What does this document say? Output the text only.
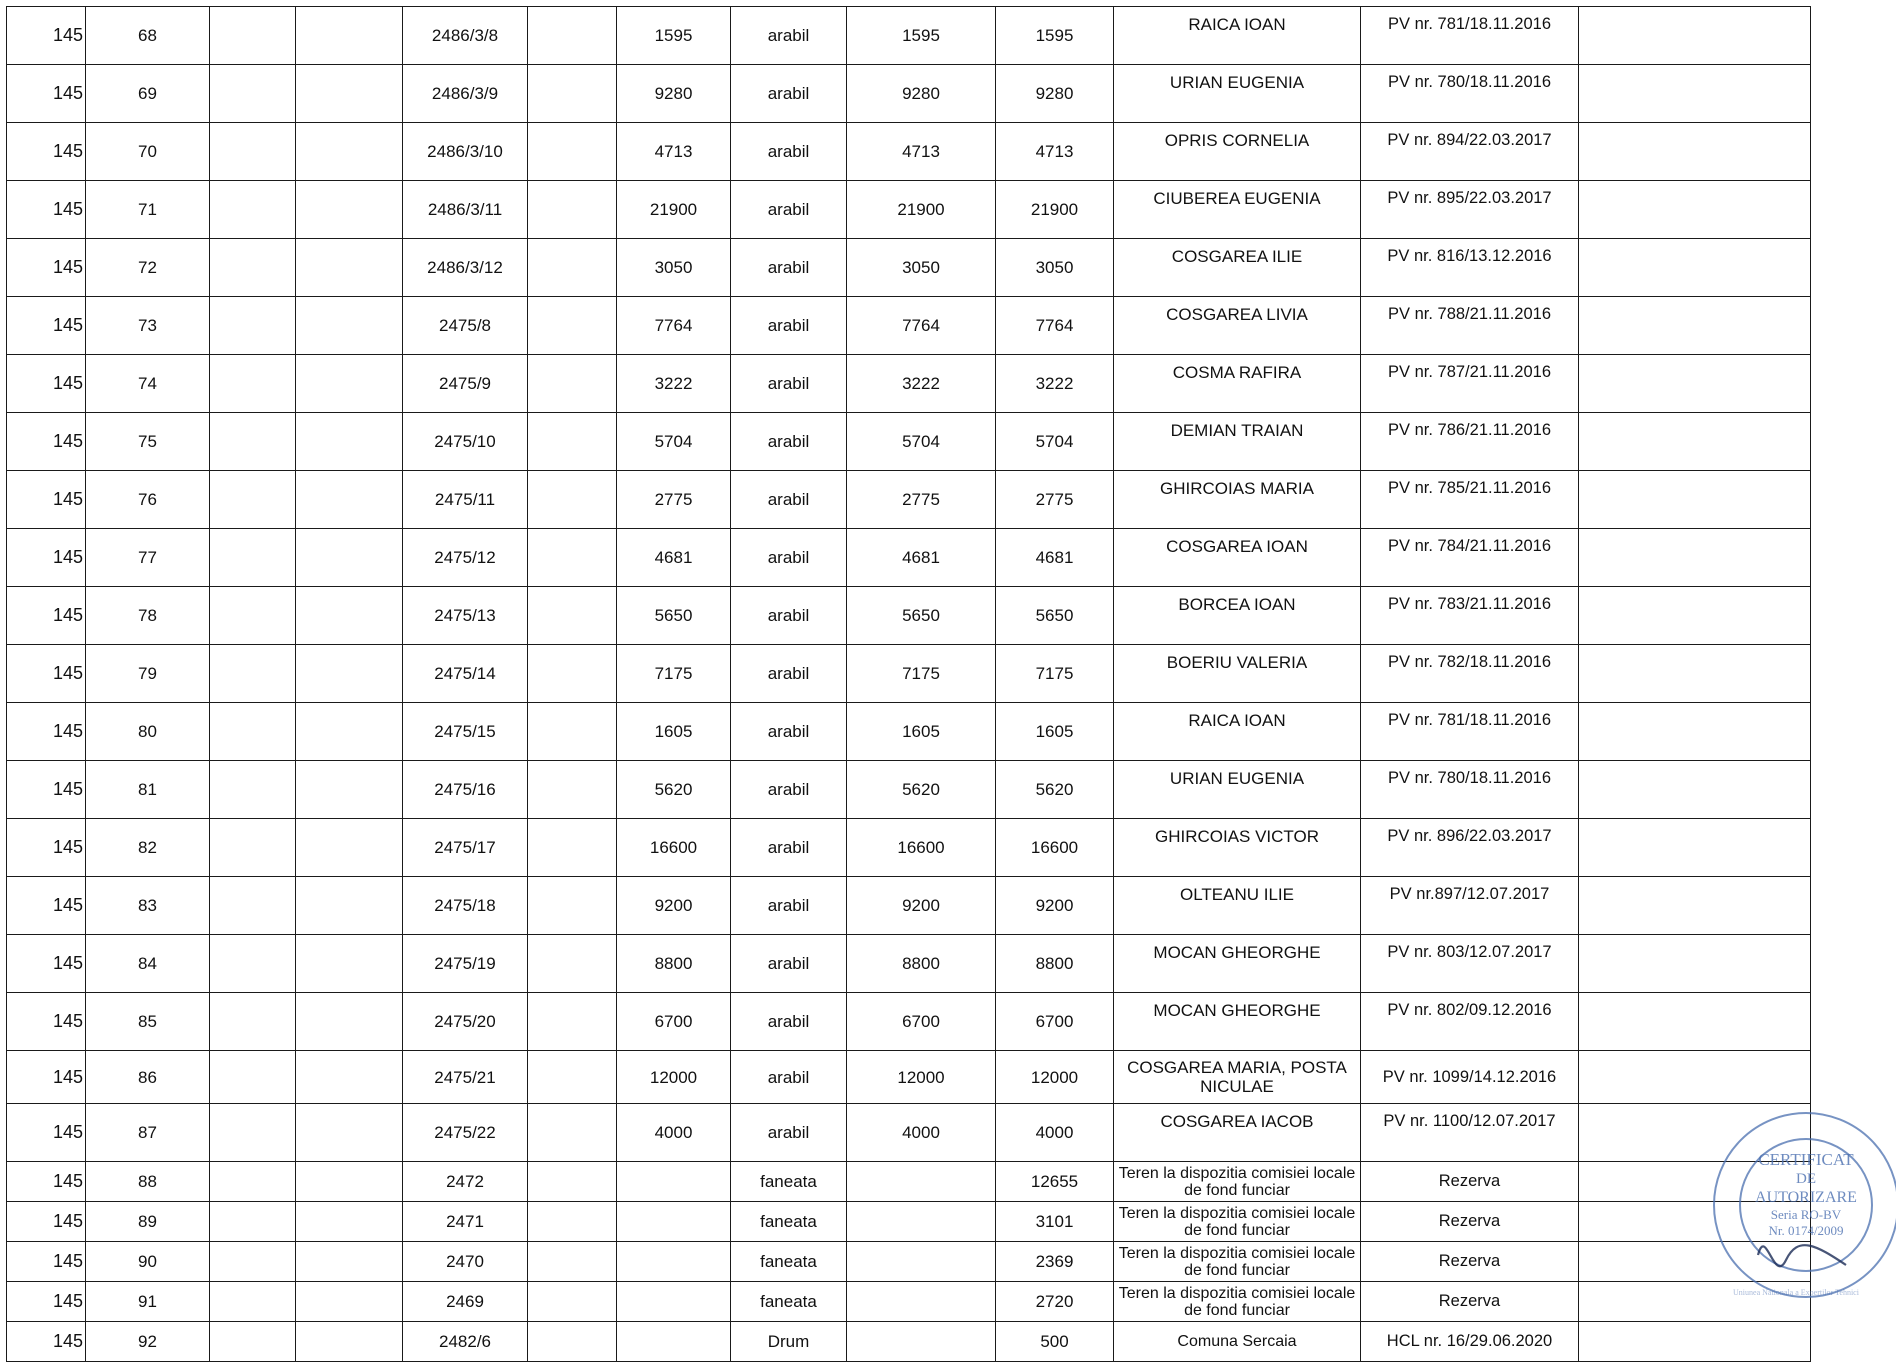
145	68			2486/3/8		1595	arabil	1595	1595	RAICA IOAN	PV nr. 781/18.11.2016	
145	69			2486/3/9		9280	arabil	9280	9280	URIAN EUGENIA	PV nr. 780/18.11.2016	
145	70			2486/3/10		4713	arabil	4713	4713	OPRIS CORNELIA	PV nr. 894/22.03.2017	
145	71			2486/3/11		21900	arabil	21900	21900	CIUBEREA EUGENIA	PV nr. 895/22.03.2017	
145	72			2486/3/12		3050	arabil	3050	3050	COSGAREA ILIE	PV nr. 816/13.12.2016	
145	73			2475/8		7764	arabil	7764	7764	COSGAREA LIVIA	PV nr. 788/21.11.2016	
145	74			2475/9		3222	arabil	3222	3222	COSMA RAFIRA	PV nr. 787/21.11.2016	
145	75			2475/10		5704	arabil	5704	5704	DEMIAN TRAIAN	PV nr. 786/21.11.2016	
145	76			2475/11		2775	arabil	2775	2775	GHIRCOIAS MARIA	PV nr. 785/21.11.2016	
145	77			2475/12		4681	arabil	4681	4681	COSGAREA IOAN	PV nr. 784/21.11.2016	
145	78			2475/13		5650	arabil	5650	5650	BORCEA IOAN	PV nr. 783/21.11.2016	
145	79			2475/14		7175	arabil	7175	7175	BOERIU VALERIA	PV nr. 782/18.11.2016	
145	80			2475/15		1605	arabil	1605	1605	RAICA IOAN	PV nr. 781/18.11.2016	
145	81			2475/16		5620	arabil	5620	5620	URIAN EUGENIA	PV nr. 780/18.11.2016	
145	82			2475/17		16600	arabil	16600	16600	GHIRCOIAS VICTOR	PV nr. 896/22.03.2017	
145	83			2475/18		9200	arabil	9200	9200	OLTEANU ILIE	PV nr.897/12.07.2017	
145	84			2475/19		8800	arabil	8800	8800	MOCAN GHEORGHE	PV nr. 803/12.07.2017	
145	85			2475/20		6700	arabil	6700	6700	MOCAN GHEORGHE	PV nr. 802/09.12.2016	
145	86			2475/21		12000	arabil	12000	12000	COSGAREA MARIA, POSTA NICULAE	PV nr. 1099/14.12.2016	
145	87			2475/22		4000	arabil	4000	4000	COSGAREA IACOB	PV nr. 1100/12.07.2017	
145	88			2472			faneata		12655	Teren la dispozitia comisiei locale de fond funciar	Rezerva	
145	89			2471			faneata		3101	Teren la dispozitia comisiei locale de fond funciar	Rezerva	
145	90			2470			faneata		2369	Teren la dispozitia comisiei locale de fond funciar	Rezerva	
145	91			2469			faneata		2720	Teren la dispozitia comisiei locale de fond funciar	Rezerva	
145	92			2482/6			Drum		500	Comuna Sercaia	HCL nr. 16/29.06.2020	
CERTIFICAT
DE
AUTORIZARE
Seria RO-BV
Nr. 0174/2009
Uniunea Nationala a Expertilor Tehnici
